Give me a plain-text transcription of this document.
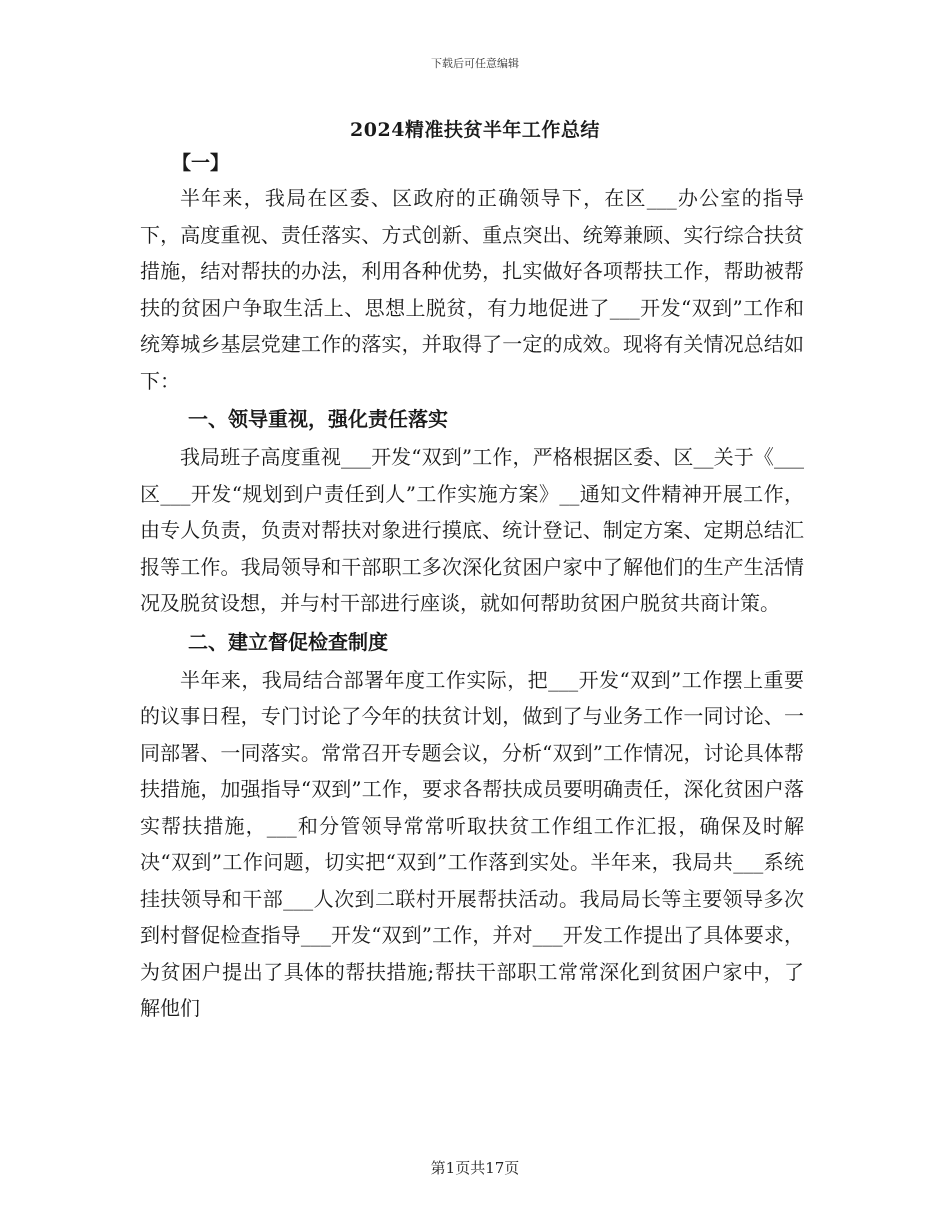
下载后可任意编辑
2024精准扶贫半年工作总结
【一】

半年来，我局在区委、区政府的正确领导下，在区___办公室的指导下，高度重视、责任落实、方式创新、重点突出、统筹兼顾、实行综合扶贫措施，结对帮扶的办法，利用各种优势，扎实做好各项帮扶工作，帮助被帮扶的贫困户争取生活上、思想上脱贫，有力地促进了___开发“双到”工作和统筹城乡基层党建工作的落实，并取得了一定的成效。现将有关情况总结如下：

一、领导重视，强化责任落实

我局班子高度重视___开发“双到”工作，严格根据区委、区__关于《___区___开发“规划到户责任到人”工作实施方案》__通知文件精神开展工作，由专人负责，负责对帮扶对象进行摸底、统计登记、制定方案、定期总结汇报等工作。我局领导和干部职工多次深化贫困户家中了解他们的生产生活情况及脱贫设想，并与村干部进行座谈，就如何帮助贫困户脱贫共商计策。

二、建立督促检查制度

半年来，我局结合部署年度工作实际，把___开发“双到”工作摆上重要的议事日程，专门讨论了今年的扶贫计划，做到了与业务工作一同讨论、一同部署、一同落实。常常召开专题会议，分析“双到”工作情况，讨论具体帮扶措施，加强指导“双到”工作，要求各帮扶成员要明确责任，深化贫困户落实帮扶措施，___和分管领导常常听取扶贫工作组工作汇报，确保及时解决“双到”工作问题，切实把“双到”工作落到实处。半年来，我局共___系统挂扶领导和干部___人次到二联村开展帮扶活动。我局局长等主要领导多次到村督促检查指导___开发“双到”工作，并对___开发工作提出了具体要求，为贫困户提出了具体的帮扶措施;帮扶干部职工常常深化到贫困户家中，了解他们

第1页共17页
